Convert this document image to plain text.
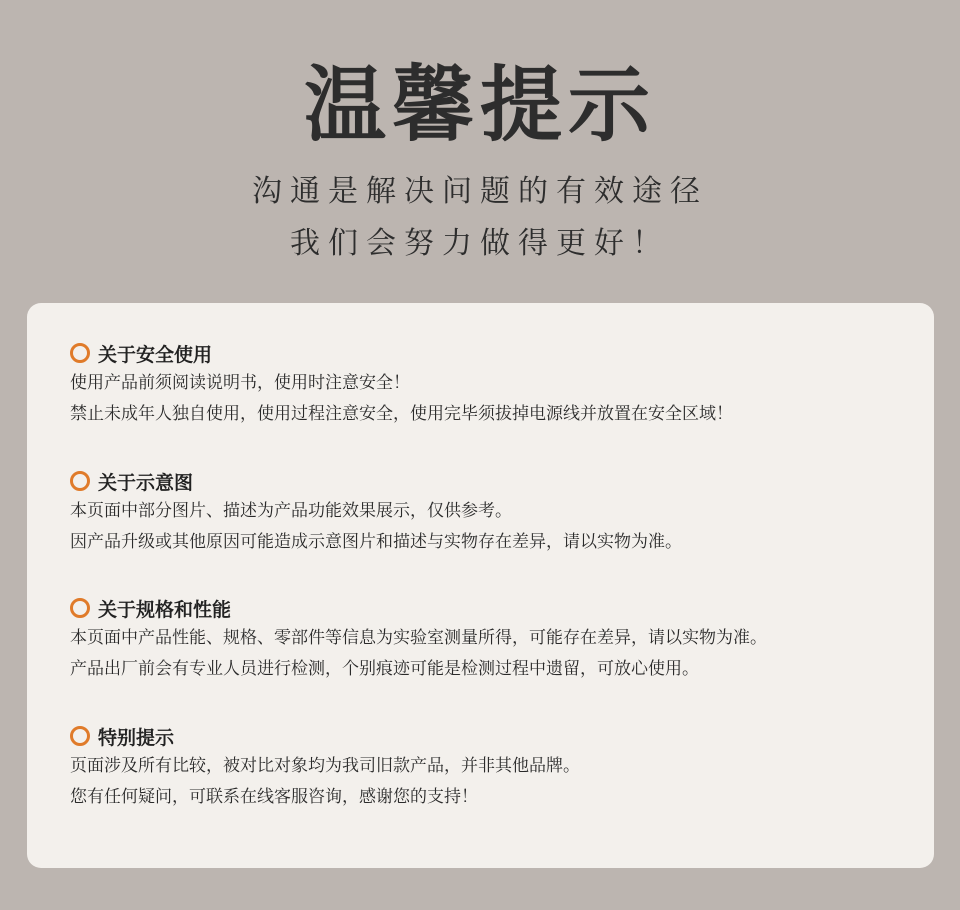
温馨提示
沟通是解决问题的有效途径
我们会努力做得更好！
关于安全使用
使用产品前须阅读说明书，使用时注意安全！
禁止未成年人独自使用，使用过程注意安全，使用完毕须拔掉电源线并放置在安全区域！
关于示意图
本页面中部分图片、描述为产品功能效果展示，仅供参考。
因产品升级或其他原因可能造成示意图片和描述与实物存在差异，请以实物为准。
关于规格和性能
本页面中产品性能、规格、零部件等信息为实验室测量所得，可能存在差异，请以实物为准。
产品出厂前会有专业人员进行检测，个别痕迹可能是检测过程中遗留，可放心使用。
特别提示
页面涉及所有比较，被对比对象均为我司旧款产品，并非其他品牌。
您有任何疑问，可联系在线客服咨询，感谢您的支持！
